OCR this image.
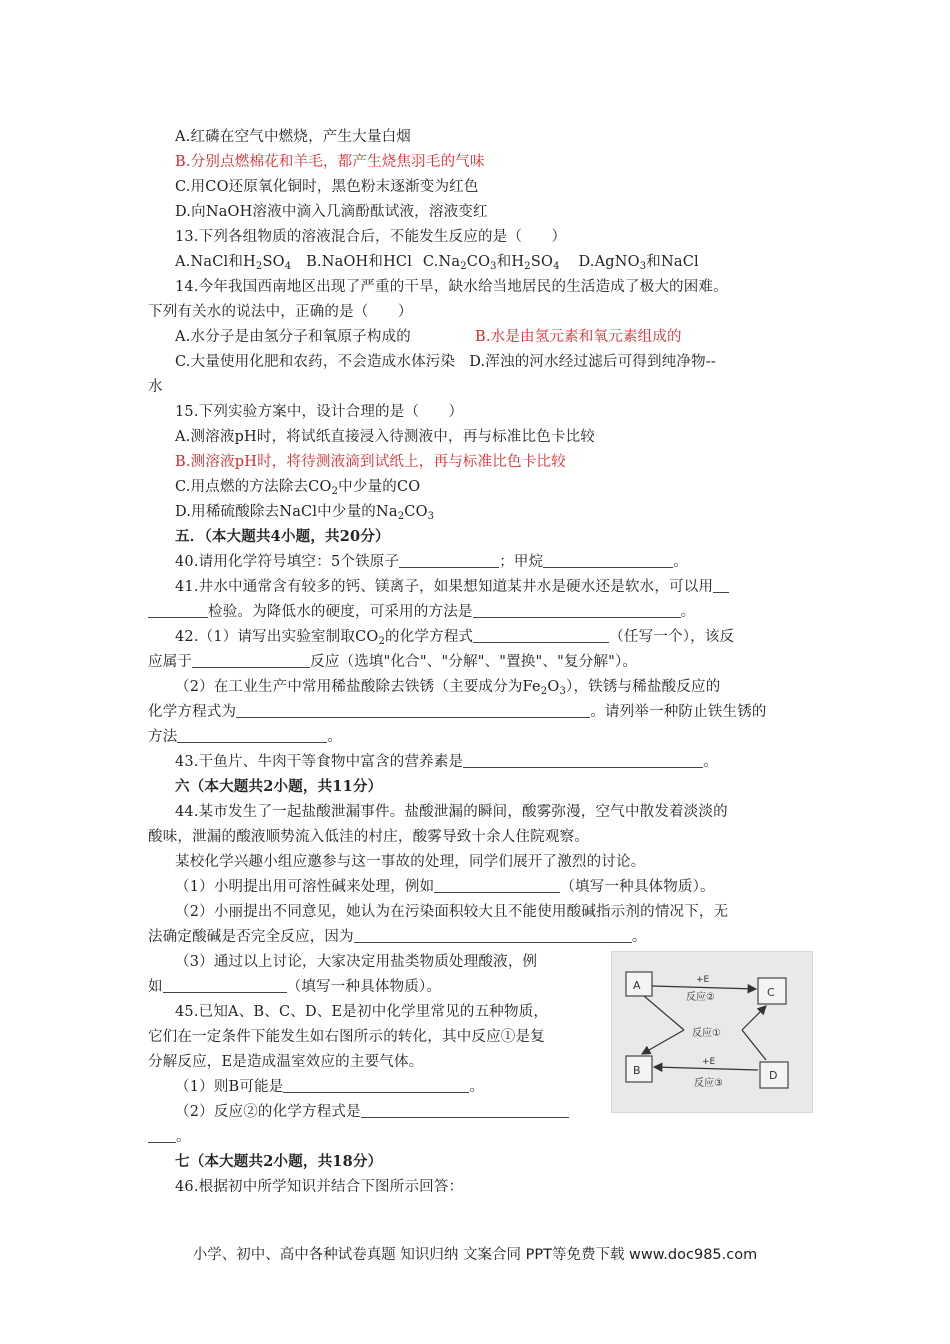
A.红磷在空气中燃烧，产生大量白烟
B.分别点燃棉花和羊毛，都产生烧焦羽毛的气味
C.用CO还原氧化铜时，黑色粉末逐渐变为红色
D.向NaOH溶液中滴入几滴酚酞试液，溶液变红
13.下列各组物质的溶液混合后，不能发生反应的是（　　）
A.NaCl和$H_2SO_4$ B.NaOH和HCl $C.Na_2CO_3$和$H_2SO_4$ D.AgNO$_3$和NaCl
14.今年我国西南地区出现了严重的干旱，缺水给当地居民的生活造成了极大的困难。
下列有关水的说法中，正确的是（　　）
A.水分子是由氢分子和氧原子构成的	B.水是由氢元素和氧元素组成的
C.大量使用化肥和农药，不会造成水体污染 D.浑浊的河水经过滤后可得到纯净物--
水
15.下列实验方案中，设计合理的是（　　）
A.测溶液pH时，将试纸直接浸入待测液中，再与标准比色卡比较
B.测溶液pH时，将待测液滴到试纸上，再与标准比色卡比较
C.用点燃的方法除去$CO_2$中少量的CO
D.用稀硫酸除去NaCl中少量的$Na_2CO_3$
五．（本大题共4小题，共20分）
40.请用化学符号填空：5个铁原子	；甲烷	。
41.井水中通常含有较多的钙、镁离子，如果想知道某井水是硬水还是软水，可以用
检验。为降低水的硬度，可采用的方法是	。
42.（1）请写出实验室制取$CO_2$的化学方程式	（任写一个），该反
应属于	反应（选填"化合"、"分解"、"置换"、"复分解"）。
（2）在工业生产中常用稀盐酸除去铁锈（主要成分为$Fe_2O_3$），铁锈与稀盐酸反应的
化学方程式为	。请列举一种防止铁生锈的
方法	。
43.干鱼片、牛肉干等食物中富含的营养素是	。
六（本大题共2小题，共11分）
44.某市发生了一起盐酸泄漏事件。盐酸泄漏的瞬间，酸雾弥漫，空气中散发着淡淡的
酸味，泄漏的酸液顺势流入低洼的村庄，酸雾导致十余人住院观察。
某校化学兴趣小组应邀参与这一事故的处理，同学们展开了激烈的讨论。
（1）小明提出用可溶性碱来处理，例如	（填写一种具体物质）。
（2）小丽提出不同意见，她认为在污染面积较大且不能使用酸碱指示剂的情况下，无
法确定酸碱是否完全反应，因为	。
（3）通过以上讨论，大家决定用盐类物质处理酸液，例
如	（填写一种具体物质）。
45.已知A、B、C、D、E是初中化学里常见的五种物质，
它们在一定条件下能发生如右图所示的转化，其中反应①是复
分解反应，E是造成温室效应的主要气体。
（1）则B可能是	。
（2）反应②的化学方程式是
。
A
C
B	D
+E
反应②
反应①
+E
反应③
七（本大题共2小题，共18分）
46.根据初中所学知识并结合下图所示回答：
小学、初中、高中各种试卷真题 知识归纳 文案合同 PPT等免费下载 www.doc985.com
